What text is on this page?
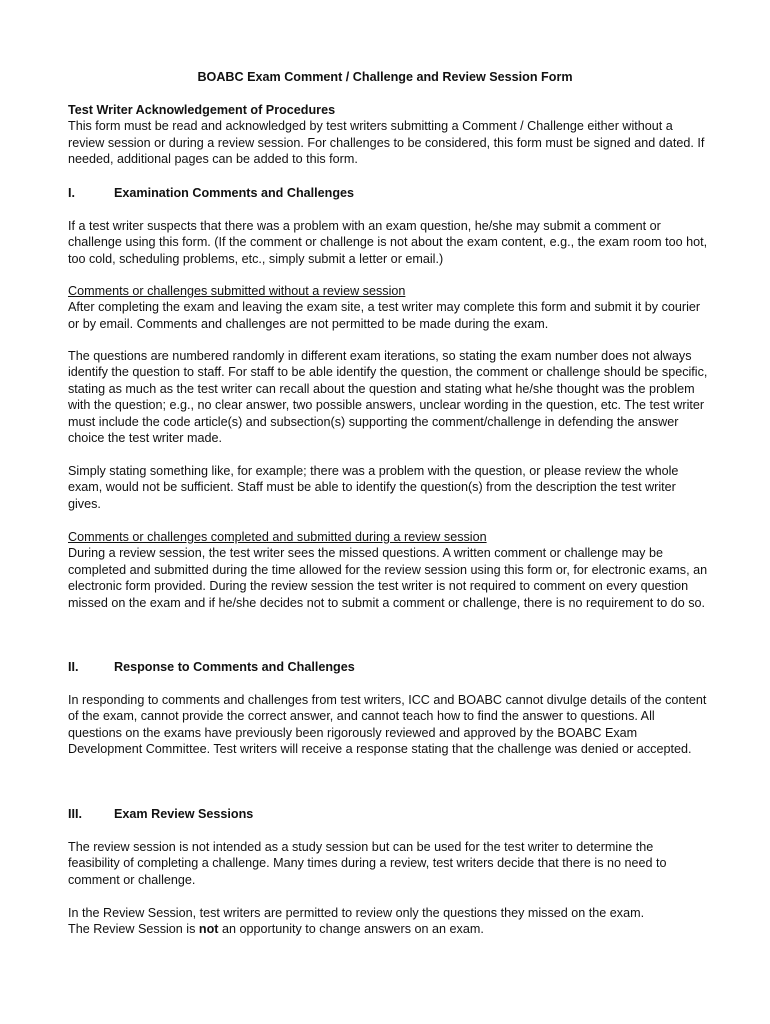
BOABC Exam Comment / Challenge and Review Session Form

Test Writer Acknowledgement of Procedures

This form must be read and acknowledged by test writers submitting a Comment / Challenge either without a review session or during a review session. For challenges to be considered, this form must be signed and dated. If needed, additional pages can be added to this form.

I.	Examination Comments and Challenges

If a test writer suspects that there was a problem with an exam question, he/she may submit a comment or challenge using this form. (If the comment or challenge is not about the exam content, e.g., the exam room too hot, too cold, scheduling problems, etc., simply submit a letter or email.)

Comments or challenges submitted without a review session

After completing the exam and leaving the exam site, a test writer may complete this form and submit it by courier or by email. Comments and challenges are not permitted to be made during the exam.

The questions are numbered randomly in different exam iterations, so stating the exam number does not always identify the question to staff. For staff to be able identify the question, the comment or challenge should be specific, stating as much as the test writer can recall about the question and stating what he/she thought was the problem with the question; e.g., no clear answer, two possible answers, unclear wording in the question, etc. The test writer must include the code article(s) and subsection(s) supporting the comment/challenge in defending the answer choice the test writer made.

Simply stating something like, for example; there was a problem with the question, or please review the whole exam, would not be sufficient. Staff must be able to identify the question(s) from the description the test writer gives.

Comments or challenges completed and submitted during a review session

During a review session, the test writer sees the missed questions. A written comment or challenge may be completed and submitted during the time allowed for the review session using this form or, for electronic exams, an electronic form provided. During the review session the test writer is not required to comment on every question missed on the exam and if he/she decides not to submit a comment or challenge, there is no requirement to do so.

II.	Response to Comments and Challenges

In responding to comments and challenges from test writers, ICC and BOABC cannot divulge details of the content of the exam, cannot provide the correct answer, and cannot teach how to find the answer to questions. All questions on the exams have previously been rigorously reviewed and approved by the BOABC Exam Development Committee. Test writers will receive a response stating that the challenge was denied or accepted.

III.	Exam Review Sessions

The review session is not intended as a study session but can be used for the test writer to determine the feasibility of completing a challenge. Many times during a review, test writers decide that there is no need to comment or challenge.

In the Review Session, test writers are permitted to review only the questions they missed on the exam.

The Review Session is not an opportunity to change answers on an exam.
